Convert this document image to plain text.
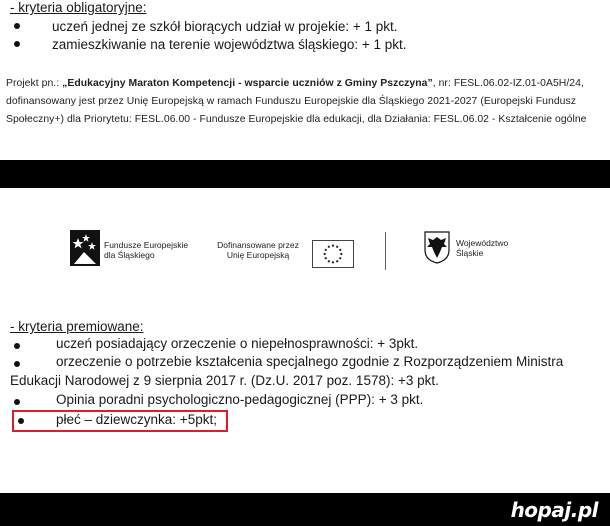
- kryteria obligatoryjne:
uczeń jednej ze szkół biorących udział w projekie: + 1 pkt.
zamieszkiwanie na terenie województwa śląskiego: + 1 pkt.
Projekt pn.: „Edukacyjny Maraton Kompetencji - wsparcie uczniów z Gminy Pszczyna”, nr: FESL.06.02-IZ.01-0A5H/24,
dofinansowany jest przez Unię Europejską w ramach Funduszu Europejskie dla Śląskiego 2021-2027 (Europejski Fundusz
Społeczny+) dla Priorytetu: FESL.06.00 - Fundusze Europejskie dla edukacji, dla Działania: FESL.06.02 - Kształcenie ogólne
Fundusze Europejskie
dla Śląskiego
Dofinansowane przez
Unię Europejską
Województwo
Śląskie
- kryteria premiowane:
uczeń posiadający orzeczenie o niepełnosprawności: + 3pkt.
orzeczenie o potrzebie kształcenia specjalnego zgodnie z Rozporządzeniem Ministra
Edukacji Narodowej z 9 sierpnia 2017 r. (Dz.U. 2017 poz. 1578): +3 pkt.
Opinia poradni psychologiczno-pedagogicznej (PPP): + 3 pkt.
płeć – dziewczynka: +5pkt;
hopaj.pl
